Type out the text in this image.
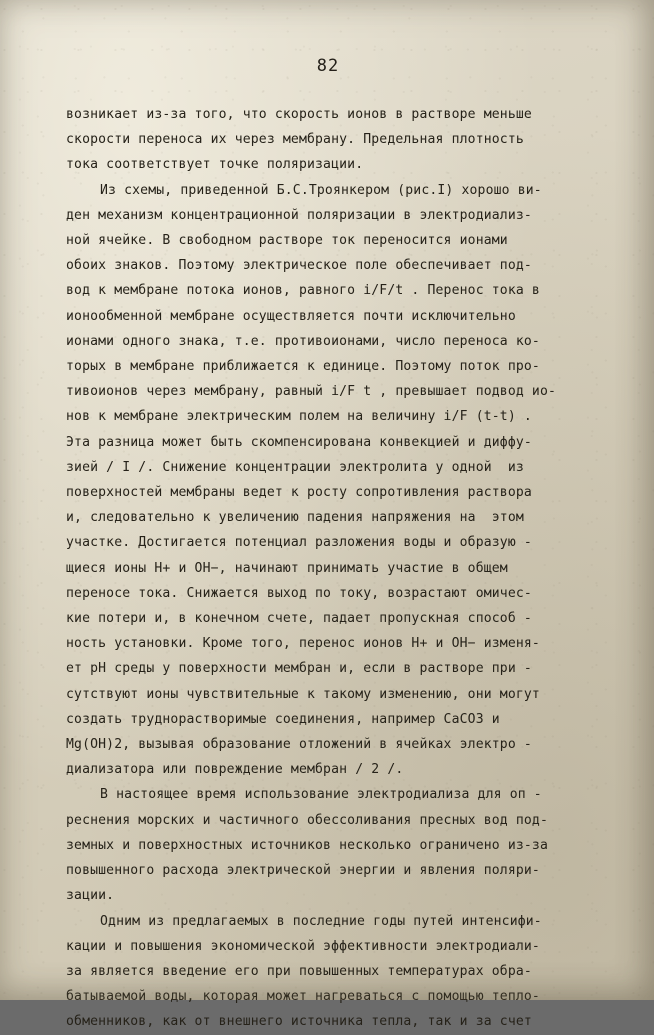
82

возникает из-за того, что скорость ионов в растворе меньше
скорости переноса их через мембрану. Предельная плотность
тока соответствует точке поляризации.

Из схемы, приведенной Б.С.Троянкером (рис.I) хорошо ви-
ден механизм концентрационной поляризации в электродиализ-
ной ячейке. В свободном растворе ток переносится ионами
обоих знаков. Поэтому электрическое поле обеспечивает под-
вод к мембране потока ионов, равного i/F/t . Перенос тока в
ионообменной мембране осуществляется почти исключительно
ионами одного знака, т.е. противоионами, число переноса ко-
торых в мембране приближается к единице. Поэтому поток про-
тивоионов через мембрану, равный i/F t , превышает подвод ио-
нов к мембране электрическим полем на величину i/F (t-t) .
Эта разница может быть скомпенсирована конвекцией и диффу-
зией / I /. Снижение концентрации электролита у одной  из
поверхностей мембраны ведет к росту сопротивления раствора
и, следовательно к увеличению падения напряжения на  этом
участке. Достигается потенциал разложения воды и образую -
щиеся ионы H+ и OH−, начинают принимать участие в общем
переносе тока. Снижается выход по току, возрастают омичес-
кие потери и, в конечном счете, падает пропускная способ -
ность установки. Кроме того, перенос ионов H+ и OH− изменя-
ет pH среды у поверхности мембран и, если в растворе при -
сутствуют ионы чувствительные к такому изменению, они могут
создать труднорастворимые соединения, например CaCO3 и
Mg(OH)2, вызывая образование отложений в ячейках электро -
диализатора или повреждение мембран / 2 /.

В настоящее время использование электродиализа для оп -
реснения морских и частичного обессоливания пресных вод под-
земных и поверхностных источников несколько ограничено из-за
повышенного расхода электрической энергии и явления поляри-
зации.

Одним из предлагаемых в последние годы путей интенсифи-
кации и повышения экономической эффективности электродиали-
за является введение его при повышенных температурах обра-
батываемой воды, которая может нагреваться с помощью тепло-
обменников, как от внешнего источника тепла, так и за счет
